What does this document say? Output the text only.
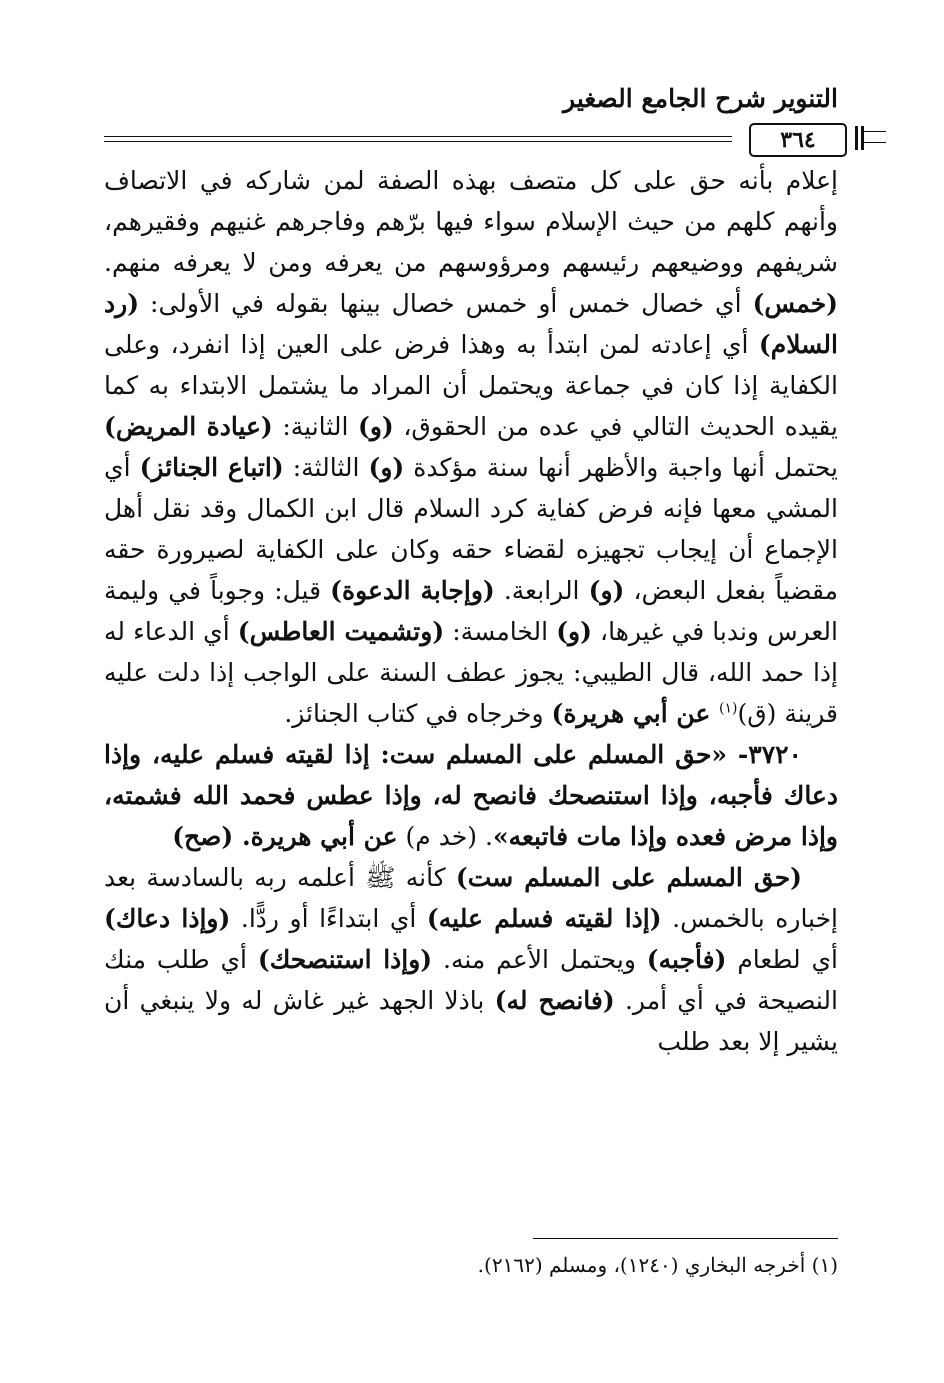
التنوير شرح الجامع الصغير
٣٦٤

إعلام بأنه حق على كل متصف بهذه الصفة لمن شاركه في الاتصاف وأنهم كلهم من حيث الإسلام سواء فيها برّهم وفاجرهم غنيهم وفقيرهم، شريفهم ووضيعهم رئيسهم ومرؤوسهم من يعرفه ومن لا يعرفه منهم. (خمس) أي خصال خمس أو خمس خصال بينها بقوله في الأولى: (رد السلام) أي إعادته لمن ابتدأ به وهذا فرض على العين إذا انفرد، وعلى الكفاية إذا كان في جماعة ويحتمل أن المراد ما يشتمل الابتداء به كما يقيده الحديث التالي في عده من الحقوق، (و) الثانية: (عيادة المريض) يحتمل أنها واجبة والأظهر أنها سنة مؤكدة (و) الثالثة: (اتباع الجنائز) أي المشي معها فإنه فرض كفاية كرد السلام قال ابن الكمال وقد نقل أهل الإجماع أن إيجاب تجهيزه لقضاء حقه وكان على الكفاية لصيرورة حقه مقضياً بفعل البعض، (و) الرابعة. (وإجابة الدعوة) قيل: وجوباً في وليمة العرس وندبا في غيرها، (و) الخامسة: (وتشميت العاطس) أي الدعاء له إذا حمد الله، قال الطيبي: يجوز عطف السنة على الواجب إذا دلت عليه قرينة (ق)$^{(١)}$ عن أبي هريرة) وخرجاه في كتاب الجنائز.

٣٧٢٠- «حق المسلم على المسلم ست: إذا لقيته فسلم عليه، وإذا دعاك فأجبه، وإذا استنصحك فانصح له، وإذا عطس فحمد الله فشمته، وإذا مرض فعده وإذا مات فاتبعه». (خد م) عن أبي هريرة. (صح)

(حق المسلم على المسلم ست) كأنه ﷺ أعلمه ربه بالسادسة بعد إخباره بالخمس. (إذا لقيته فسلم عليه) أي ابتداءًا أو ردًّا. (وإذا دعاك) أي لطعام (فأجبه) ويحتمل الأعم منه. (وإذا استنصحك) أي طلب منك النصيحة في أي أمر. (فانصح له) باذلا الجهد غير غاش له ولا ينبغي أن يشير إلا بعد طلب

(١) أخرجه البخاري (١٢٤٠)، ومسلم (٢١٦٢).
